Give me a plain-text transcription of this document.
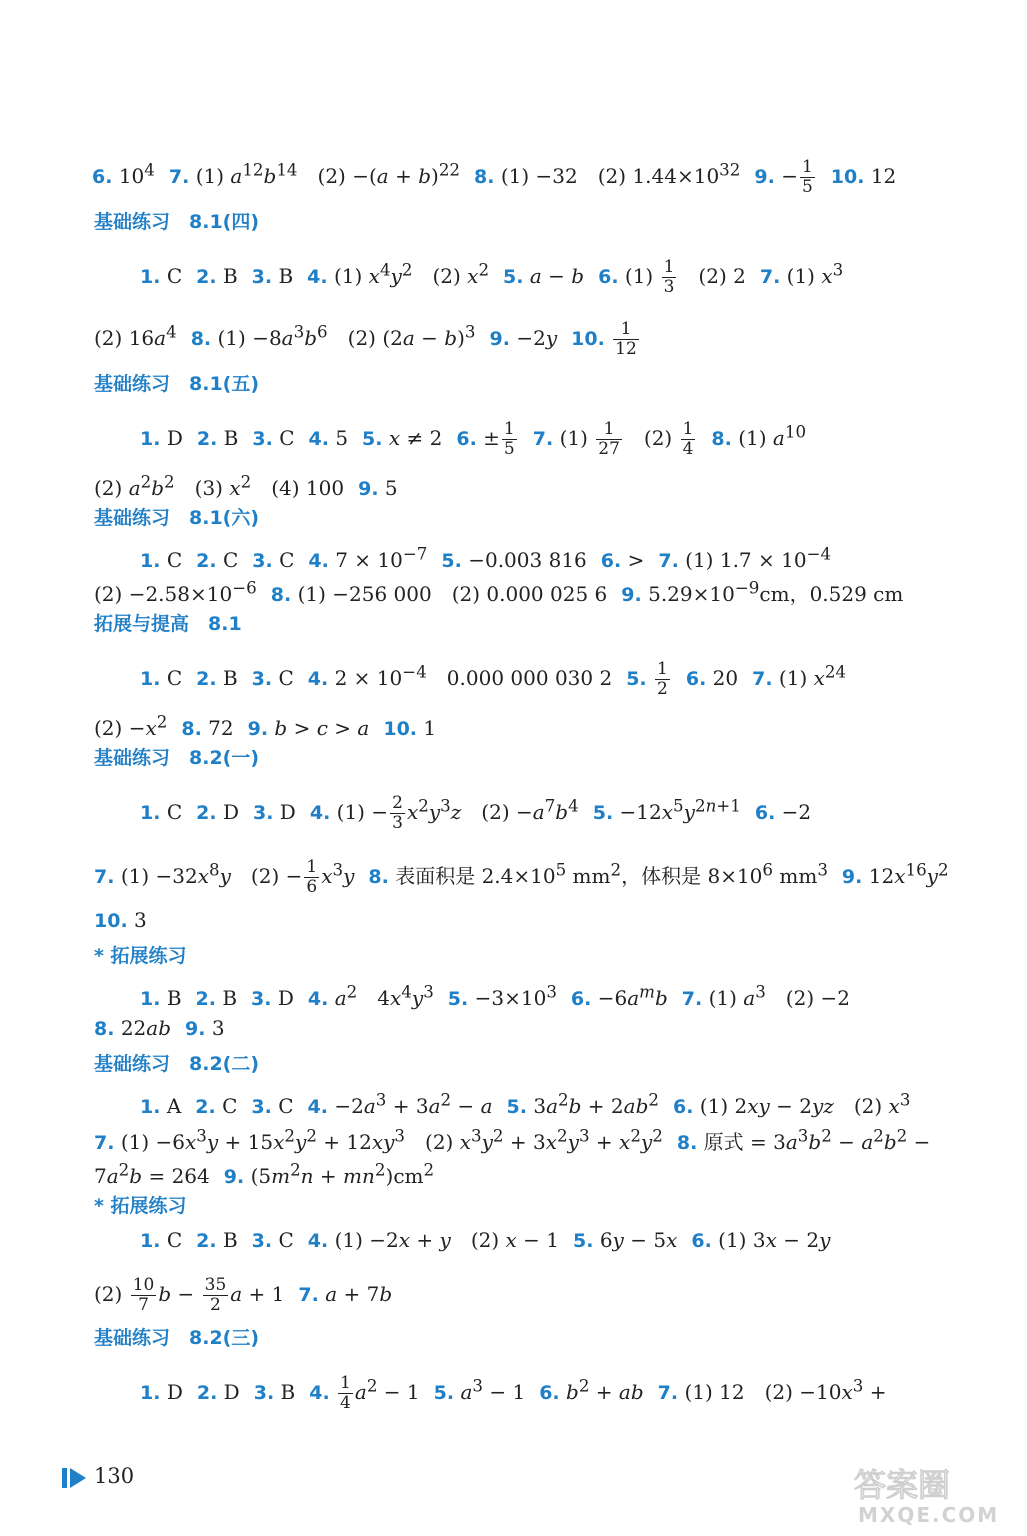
6. $10^4$ 7. (1) $a^{12}b^{14}$　$(2) -(a + b)^{22}$ 8. (1) −32　(2) $1.44\times 10^{32}$ 9. − $\frac{1}{5} 10$. 12
基础练习　8.1(四)
1. C 2. B 3. B 4. (1) $x^4y^2$　(2) $x^2$ 5. a − b 6. $(1) \frac{1}{3}$ 　(2) 2 7. (1) $x^3$
(2) $16a^4$ 8. $(1) -8a^3b^6$　(2) $(2a - b)^3$ 9. −2y 10. $\frac{1}{12}$
基础练习　8.1(五)
1. D 2. B 3. C 4. 5 5. x ≠ 2 6. ± $\frac{1}{5} 7$. $(1) \frac{1}{27}$ 　$(2) \frac{1}{4} 8$. (1) $a^{10}$
(2) $a^2b^2$　(3) $x^2$　(4) 100 9. 5
基础练习　8.1(六)
1. C 2. C 3. C 4. $7 \times 10^{-7}$ 5. −0.003 816 6. > 7. (1) $1.7 \times 10^{-4}$
$(2) -2.58\times 10^{-6}$ 8. (1) −256 000　(2) 0.000 025 6 9. $5.29\times 10^{-9}cm$，0.529 cm
拓展与提高　8.1
1. C 2. B 3. C 4. $2 \times 10^{-4}$　0.000 000 030 2 5. $\frac{1}{2} 6$. 20 7. (1) $x^{24}$
$(2) -x^2$ 8. 72 9. b > c > a 10. 1
基础练习　8.2(一)
1. C 2. D 3. D 4. $(1) - \frac{2}{3} x^2y^3z$　$(2) -a^7b^4$ 5. $-12x^5y^{2n+1}$ 6. −2
7. $(1) -32x^8y$　$(2) - \frac{1}{6} x^3y$ 8. 表面积是 $2.4\times 10^5$ $mm^2$，体积是 $8\times 10^6$ $mm^3$ 9. $12x^{16}y^2$
10. 3
* 拓展练习
1. B 2. B 3. D 4. $a^2$　$4x^4y^3$ 5. $-3\times 10^3$ 6. $-6a^mb$ 7. (1) $a^3$　(2) −2
8. 22ab 9. 3
基础练习　8.2(二)
1. A 2. C 3. C 4. $-2a^3 + 3a^2 - a$ 5. $3a^2b + 2ab^2$ 6. (1) 2xy − 2yz　(2) $x^3$
7. $(1) -6x^3y + 15x^2y^2 + 12xy^3$　(2) $x^3y^2 + 3x^2y^3 + x^2y^2$ 8. 原式 = $3a^3b^2 - a^2b^2$ −
$7a^2b = 264$ 9. $(5m^2n + mn^2)cm^2$
* 拓展练习
1. C 2. B 3. C 4. (1) −2x + y　(2) x − 1 5. 6y − 5x 6. (1) 3x − 2y
$(2) \frac{10}{7}$ $b - \frac{35}{2}$ a + 1 7. a + 7b
基础练习　8.2(三)
1. D 2. D 3. B 4. $\frac{1}{4} a^2 - 1$ 5. $a^3 - 1$ 6. $b^2$ + ab 7. (1) 12　$(2) -10x^3$ +
130	答案圈
MXQE.COM
